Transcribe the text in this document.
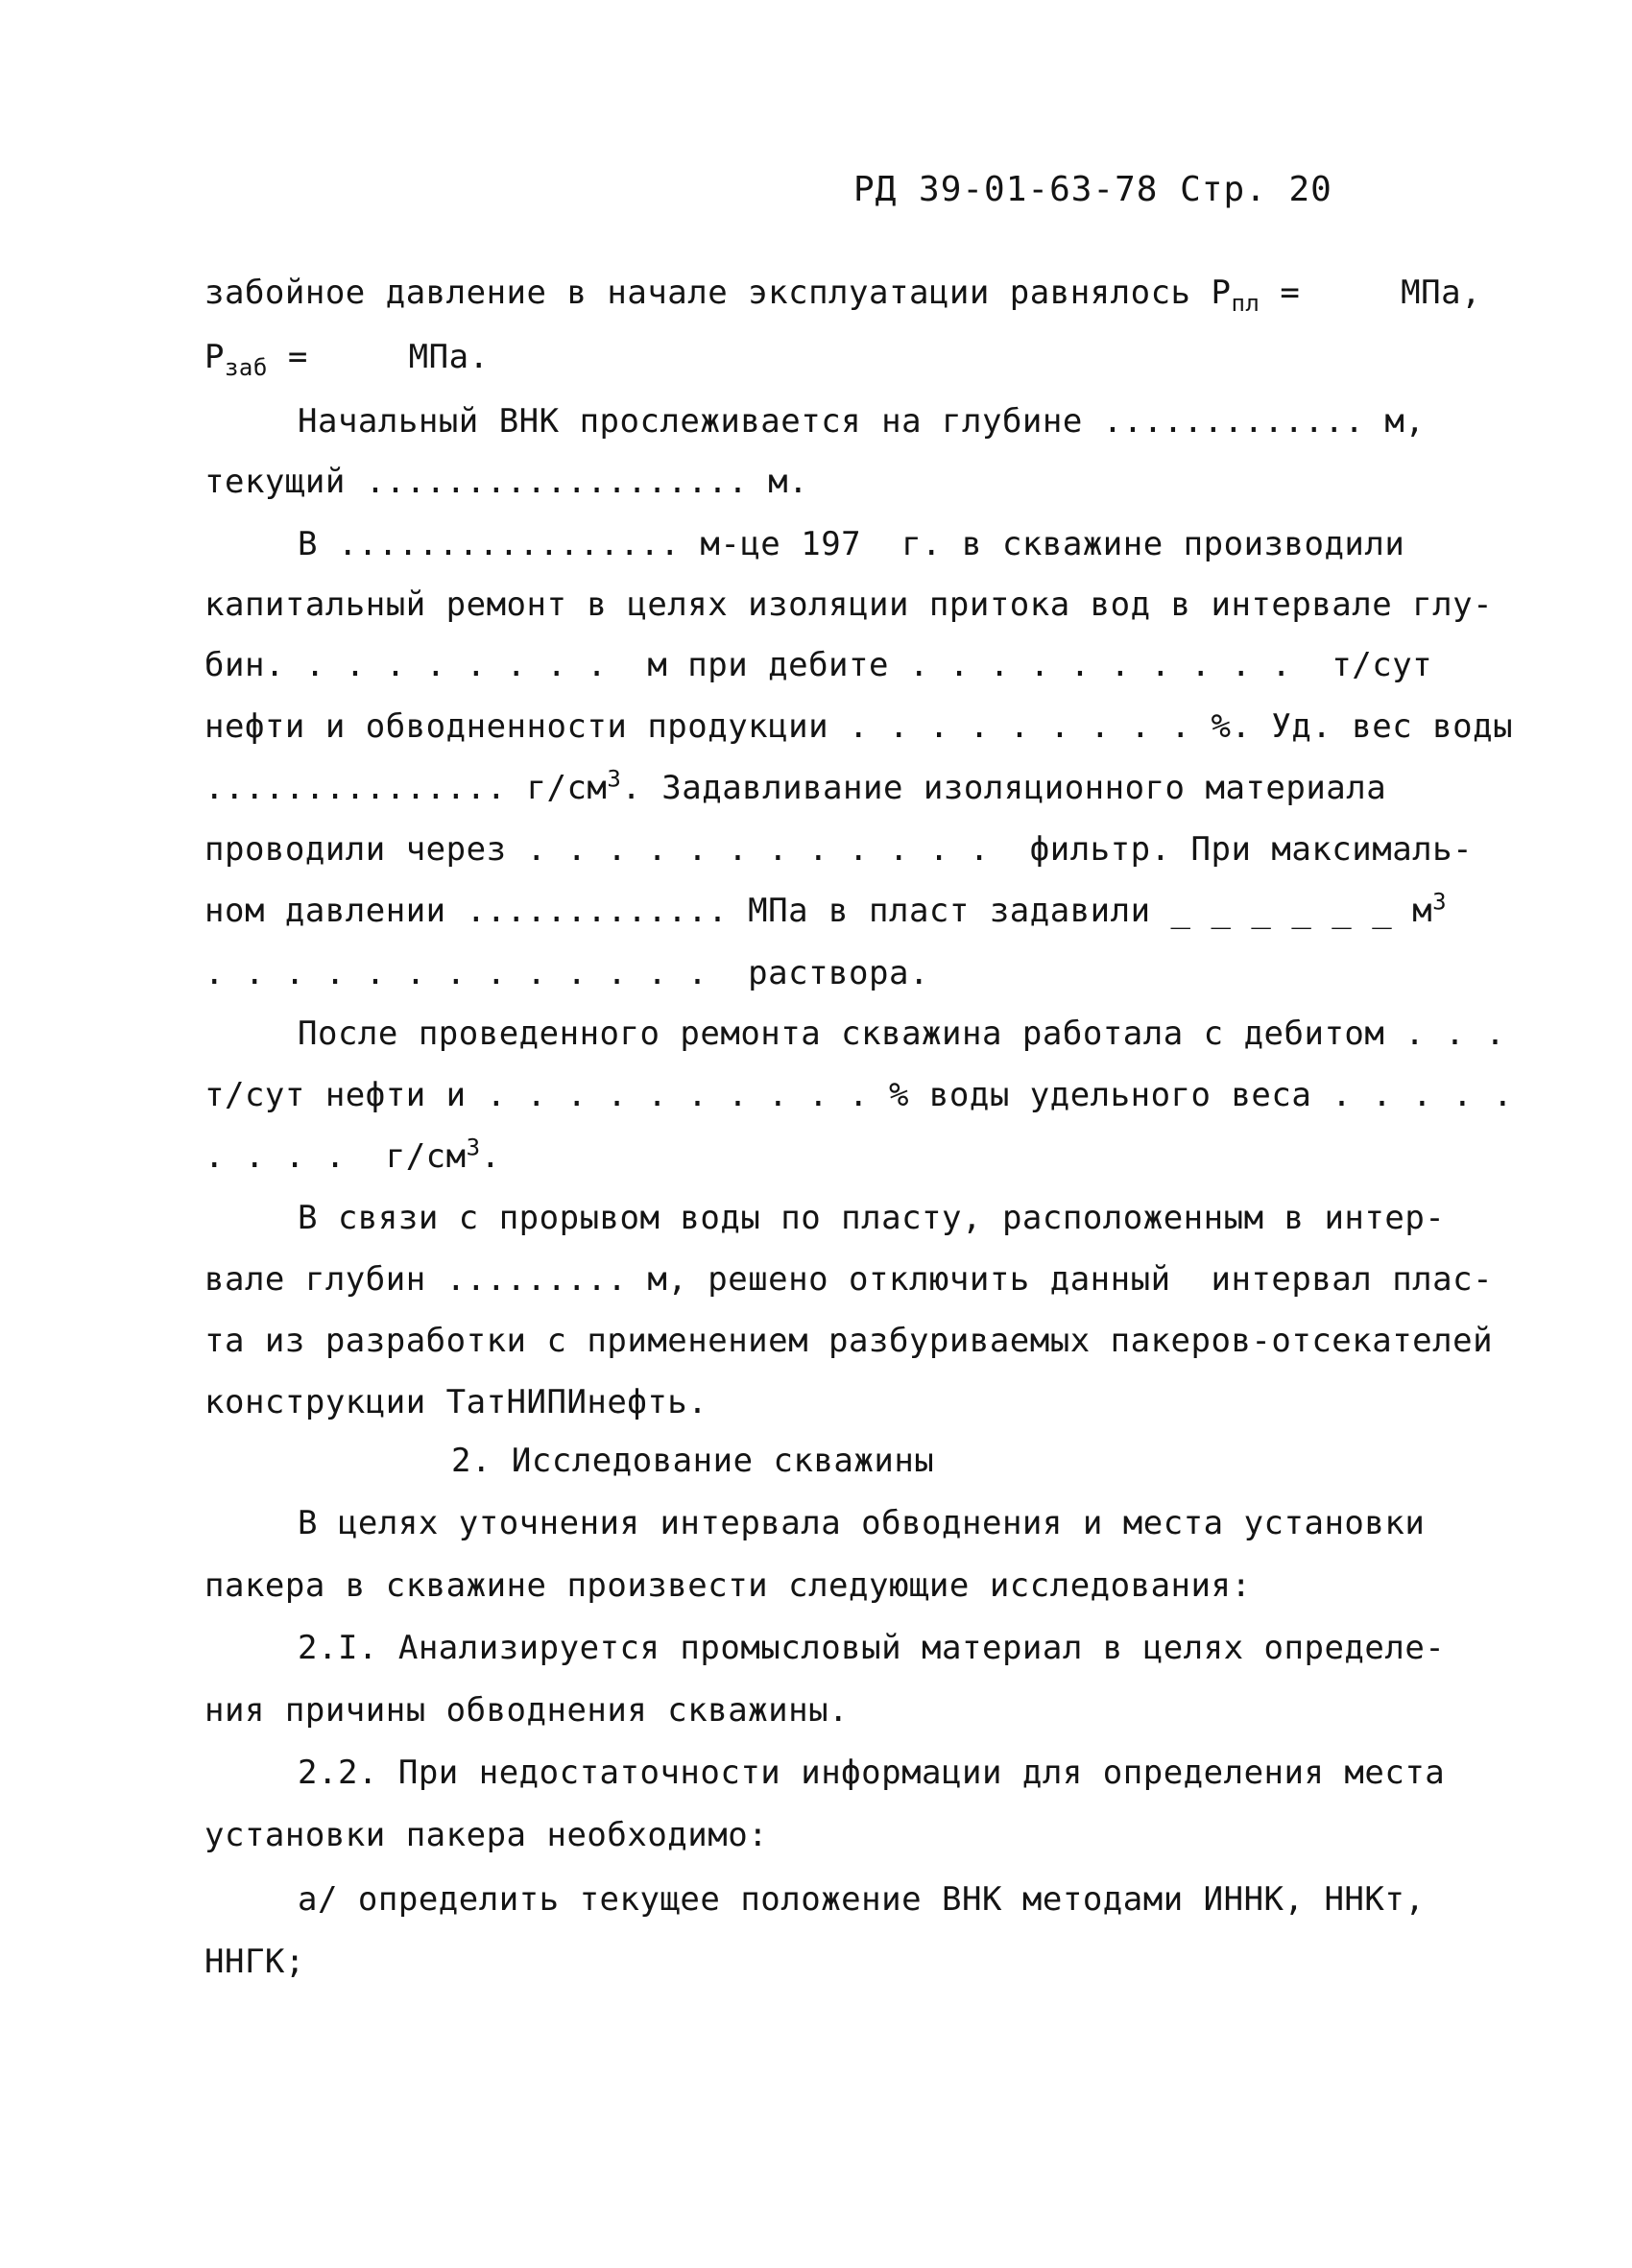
РД 39-01-63-78 Стр. 20
забойное давление в начале эксплуатации равнялось $P_{пл}$ =     МПа,
$P_{заб}$ =     МПа.
Начальный ВНК прослеживается на глубине ............. м,
текущий ................... м.
В ................. м-це 197  г. в скважине производили
капитальный ремонт в целях изоляции притока вод в интервале глу-
бин. . . . . . . . .  м при дебите . . . . . . . . . .  т/сут
нефти и обводненности продукции . . . . . . . . . %. Уд. вес воды
............... $г/см^3$. Задавливание изоляционного материала
проводили через . . . . . . . . . . . .  фильтр. При максималь-
ном давлении ............. МПа в пласт задавили _ _ _ _ _ _ $м^3$
. . . . . . . . . . . . .  раствора.
После проведенного ремонта скважина работала с дебитом . . .
т/сут нефти и . . . . . . . . . . % воды удельного веса . . . . .
. . . .  $г/см^3$.
В связи с прорывом воды по пласту, расположенным в интер-
вале глубин ......... м, решено отключить данный  интервал плас-
та из разработки с применением разбуриваемых пакеров-отсекателей
конструкции ТатНИПИнефть.
2. Исследование скважины
В целях уточнения интервала обводнения и места установки
пакера в скважине произвести следующие исследования:
2.I. Анализируется промысловый материал в целях определе-
ния причины обводнения скважины.
2.2. При недостаточности информации для определения места
установки пакера необходимо:
а/ определить текущее положение ВНК методами ИННК, ННКт,
ННГК;
